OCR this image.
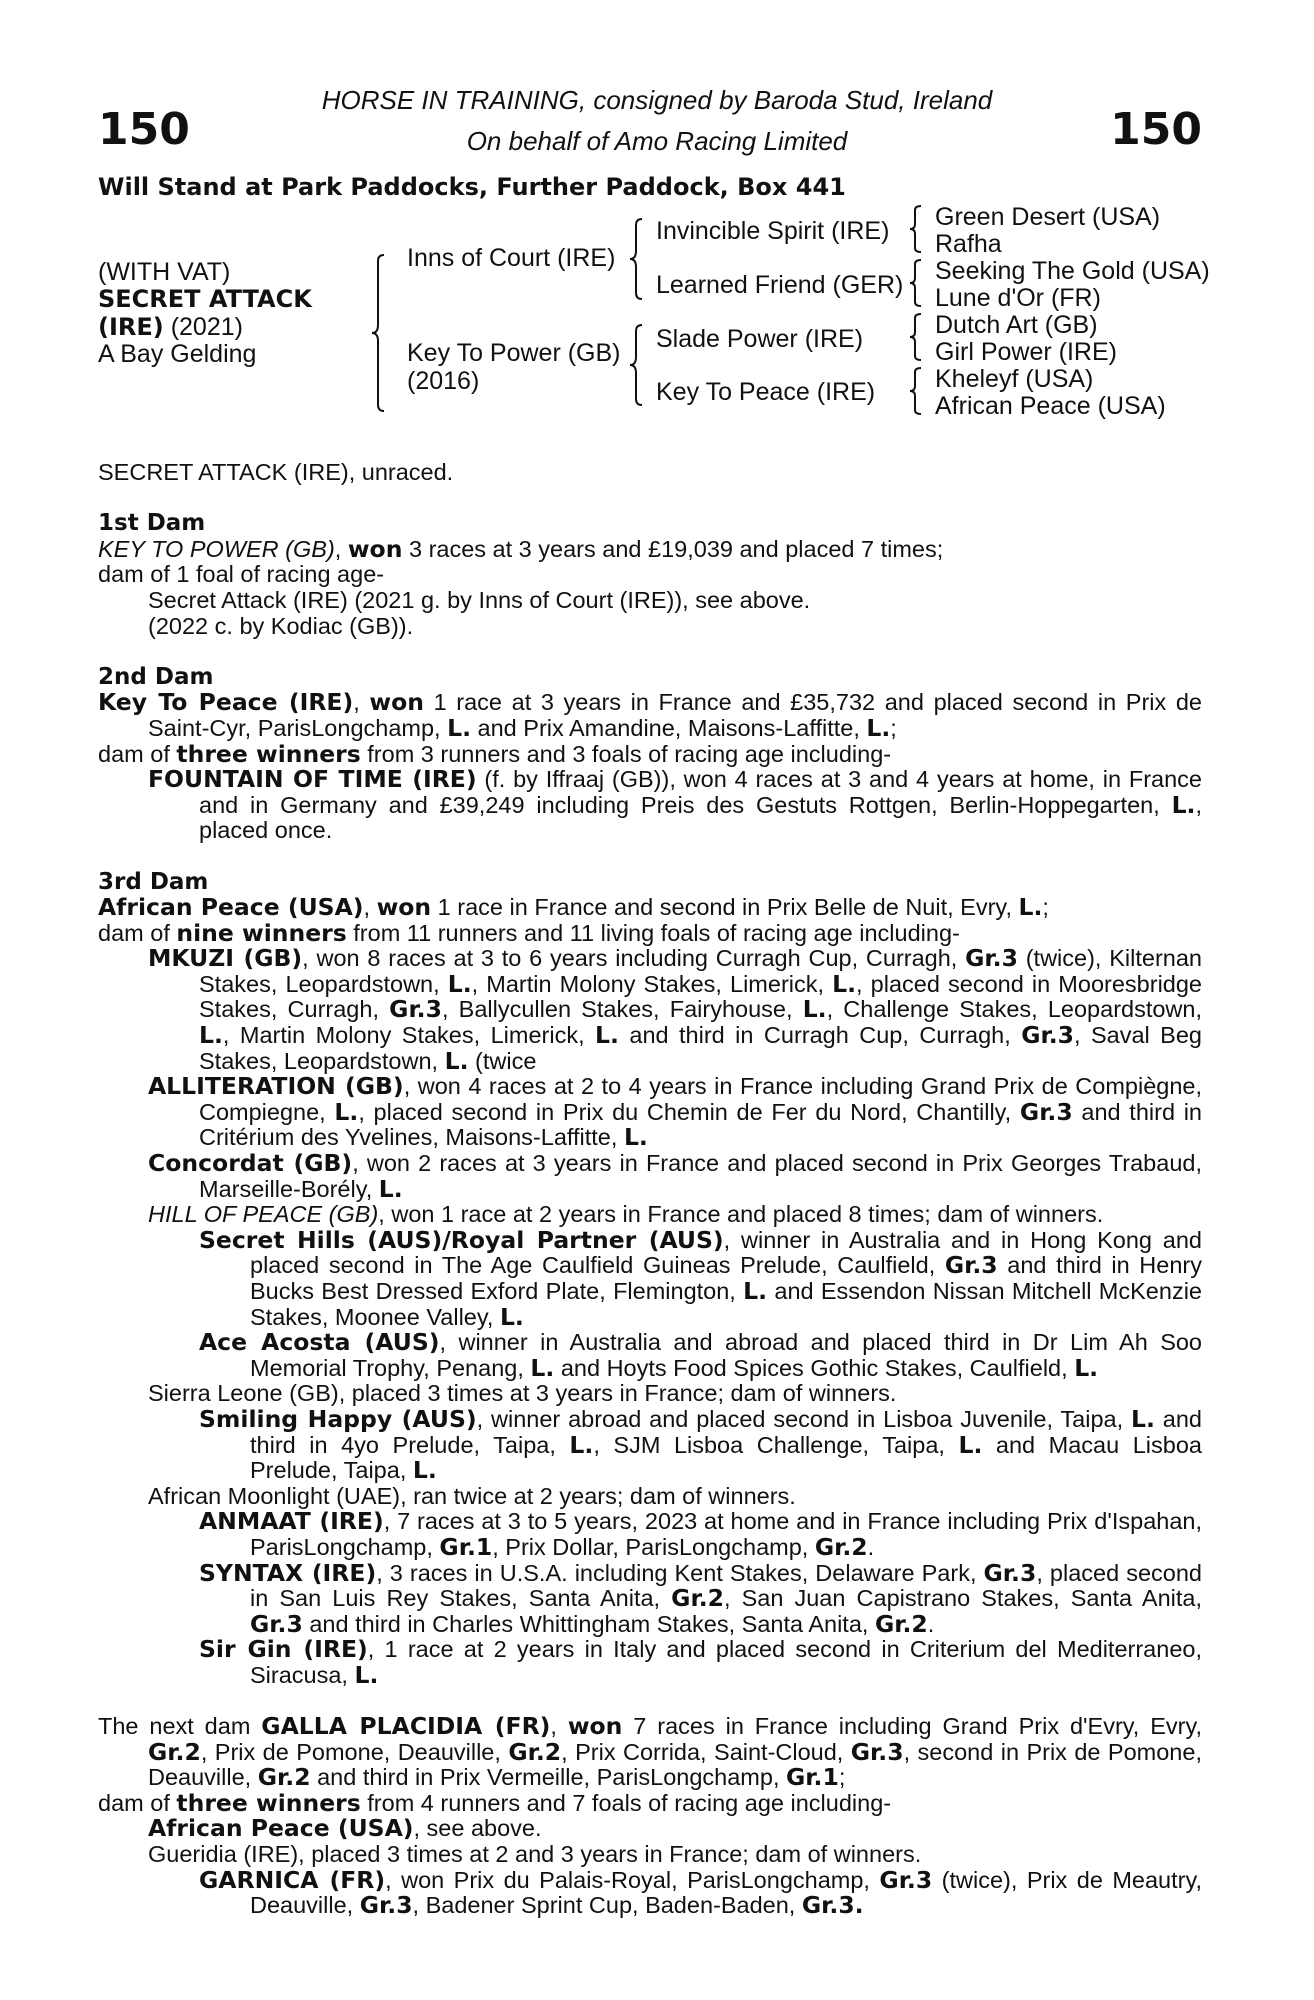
150	150
HORSE IN TRAINING, consigned by Baroda Stud, Ireland
On behalf of Amo Racing Limited
Will Stand at Park Paddocks, Further Paddock, Box 441
(WITH VAT)
SECRET ATTACK
(IRE) (2021)
A Bay Gelding
Inns of Court (IRE)
Key To Power (GB)
(2016)
Invincible Spirit (IRE)
Learned Friend (GER)
Slade Power (IRE)
Key To Peace (IRE)
Green Desert (USA)
Rafha
Seeking The Gold (USA)
Lune d'Or (FR)
Dutch Art (GB)
Girl Power (IRE)
Kheleyf (USA)
African Peace (USA)

SECRET ATTACK (IRE), unraced.

1st Dam

KEY TO POWER (GB), won 3 races at 3 years and £19,039 and placed 7 times;

dam of 1 foal of racing age-

Secret Attack (IRE) (2021 g. by Inns of Court (IRE)), see above.

(2022 c. by Kodiac (GB)).

2nd Dam

Key To Peace (IRE), won 1 race at 3 years in France and £35,732 and placed second in Prix de Saint-Cyr, ParisLongchamp, L. and Prix Amandine, Maisons-Laffitte, L.;

dam of three winners from 3 runners and 3 foals of racing age including-

FOUNTAIN OF TIME (IRE) (f. by Iffraaj (GB)), won 4 races at 3 and 4 years at home, in France and in Germany and £39,249 including Preis des Gestuts Rottgen, Berlin-Hoppegarten, L., placed once.

3rd Dam

African Peace (USA), won 1 race in France and second in Prix Belle de Nuit, Evry, L.;

dam of nine winners from 11 runners and 11 living foals of racing age including-

MKUZI (GB), won 8 races at 3 to 6 years including Curragh Cup, Curragh, Gr.3 (twice), Kilternan Stakes, Leopardstown, L., Martin Molony Stakes, Limerick, L., placed second in Mooresbridge Stakes, Curragh, Gr.3, Ballycullen Stakes, Fairyhouse, L., Challenge Stakes, Leopardstown, L., Martin Molony Stakes, Limerick, L. and third in Curragh Cup, Curragh, Gr.3, Saval Beg Stakes, Leopardstown, L. (twice

ALLITERATION (GB), won 4 races at 2 to 4 years in France including Grand Prix de Compiègne, Compiegne, L., placed second in Prix du Chemin de Fer du Nord, Chantilly, Gr.3 and third in Critérium des Yvelines, Maisons-Laffitte, L.

Concordat (GB), won 2 races at 3 years in France and placed second in Prix Georges Trabaud, Marseille-Borély, L.

HILL OF PEACE (GB), won 1 race at 2 years in France and placed 8 times; dam of winners.

Secret Hills (AUS)/Royal Partner (AUS), winner in Australia and in Hong Kong and placed second in The Age Caulfield Guineas Prelude, Caulfield, Gr.3 and third in Henry Bucks Best Dressed Exford Plate, Flemington, L. and Essendon Nissan Mitchell McKenzie Stakes, Moonee Valley, L.

Ace Acosta (AUS), winner in Australia and abroad and placed third in Dr Lim Ah Soo Memorial Trophy, Penang, L. and Hoyts Food Spices Gothic Stakes, Caulfield, L.

Sierra Leone (GB), placed 3 times at 3 years in France; dam of winners.

Smiling Happy (AUS), winner abroad and placed second in Lisboa Juvenile, Taipa, L. and third in 4yo Prelude, Taipa, L., SJM Lisboa Challenge, Taipa, L. and Macau Lisboa Prelude, Taipa, L.

African Moonlight (UAE), ran twice at 2 years; dam of winners.

ANMAAT (IRE), 7 races at 3 to 5 years, 2023 at home and in France including Prix d'Ispahan, ParisLongchamp, Gr.1, Prix Dollar, ParisLongchamp, Gr.2.

SYNTAX (IRE), 3 races in U.S.A. including Kent Stakes, Delaware Park, Gr.3, placed second in San Luis Rey Stakes, Santa Anita, Gr.2, San Juan Capistrano Stakes, Santa Anita, Gr.3 and third in Charles Whittingham Stakes, Santa Anita, Gr.2.

Sir Gin (IRE), 1 race at 2 years in Italy and placed second in Criterium del Mediterraneo, Siracusa, L.

The next dam GALLA PLACIDIA (FR), won 7 races in France including Grand Prix d'Evry, Evry, Gr.2, Prix de Pomone, Deauville, Gr.2, Prix Corrida, Saint-Cloud, Gr.3, second in Prix de Pomone, Deauville, Gr.2 and third in Prix Vermeille, ParisLongchamp, Gr.1;

dam of three winners from 4 runners and 7 foals of racing age including-

African Peace (USA), see above.

Gueridia (IRE), placed 3 times at 2 and 3 years in France; dam of winners.

GARNICA (FR), won Prix du Palais-Royal, ParisLongchamp, Gr.3 (twice), Prix de Meautry, Deauville, Gr.3, Badener Sprint Cup, Baden-Baden, Gr.3.
